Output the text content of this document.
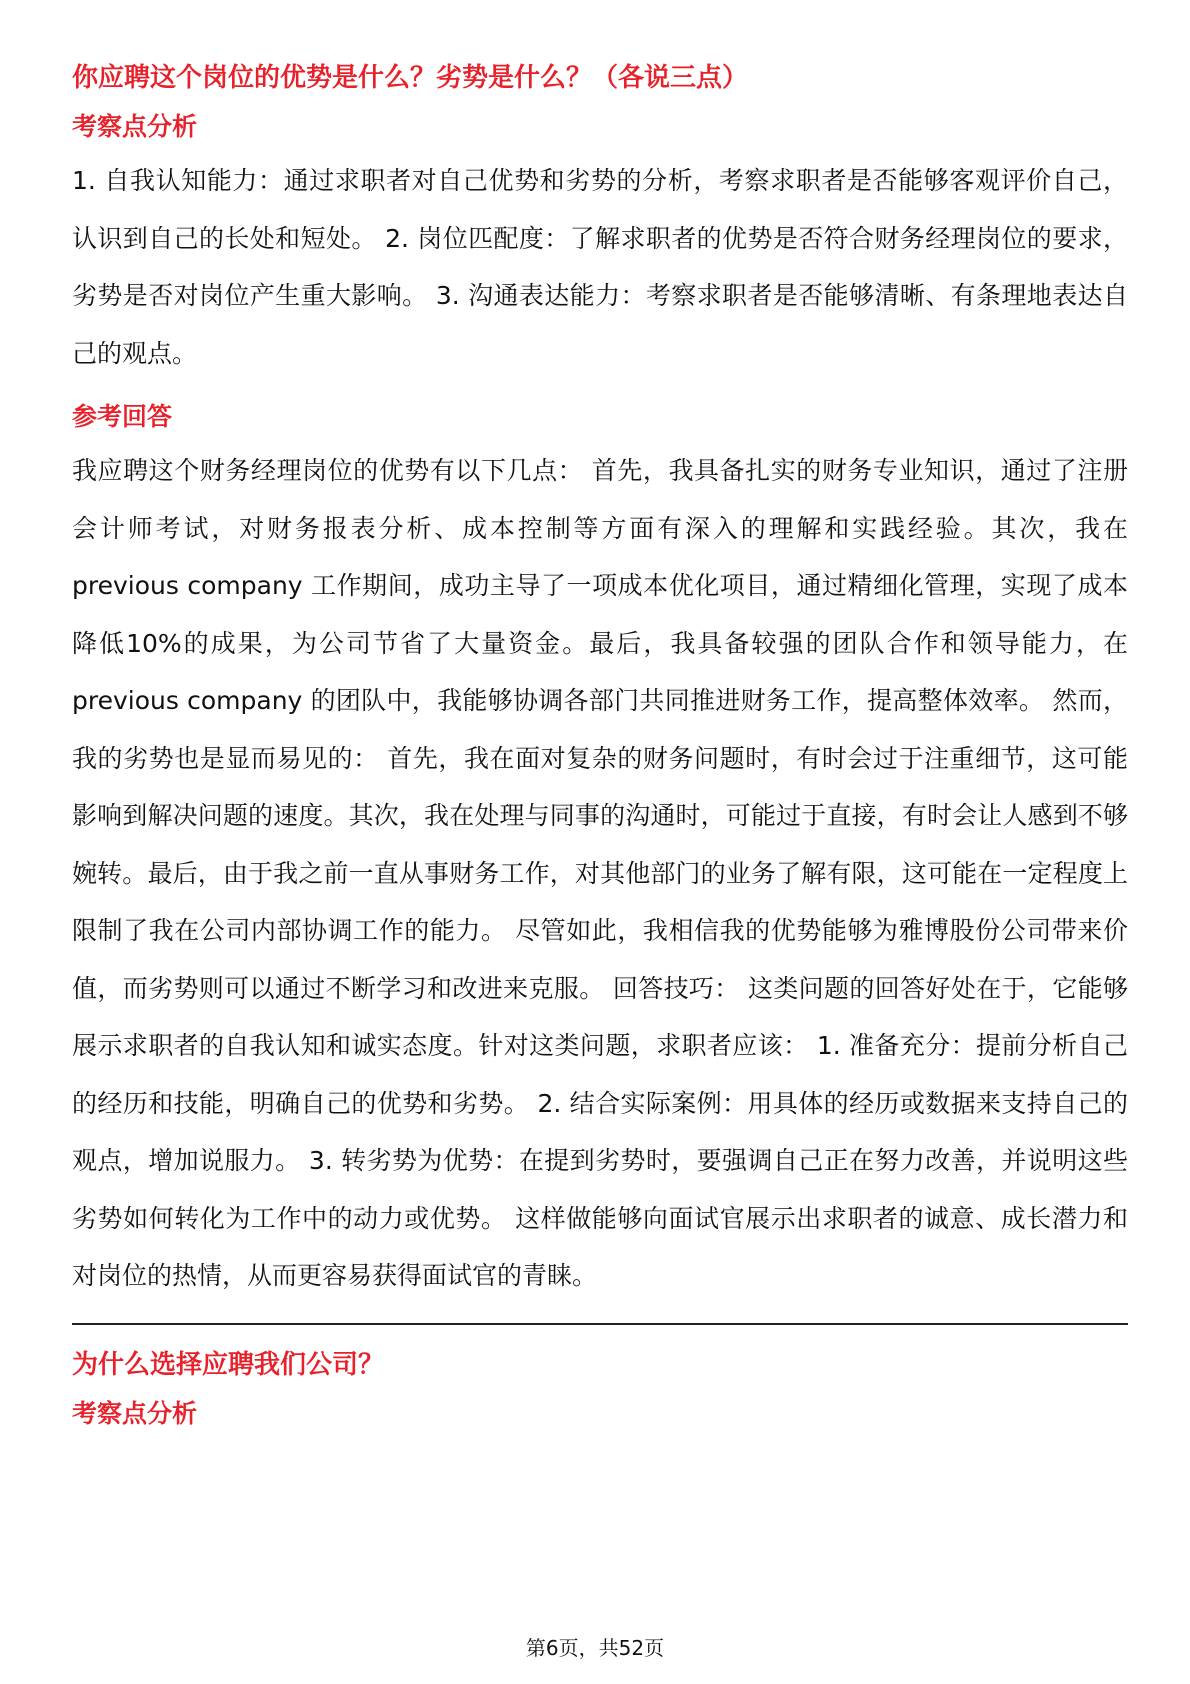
你应聘这个岗位的优势是什么？劣势是什么？（各说三点）
考察点分析

1. 自我认知能力：通过求职者对自己优势和劣势的分析，考察求职者是否能够客观评价自己，认识到自己的长处和短处。 2. 岗位匹配度：了解求职者的优势是否符合财务经理岗位的要求，劣势是否对岗位产生重大影响。 3. 沟通表达能力：考察求职者是否能够清晰、有条理地表达自己的观点。

参考回答

我应聘这个财务经理岗位的优势有以下几点： 首先，我具备扎实的财务专业知识，通过了注册会计师考试，对财务报表分析、成本控制等方面有深入的理解和实践经验。其次，我在 previous company 工作期间，成功主导了一项成本优化项目，通过精细化管理，实现了成本降低10%的成果，为公司节省了大量资金。最后，我具备较强的团队合作和领导能力，在 previous company 的团队中，我能够协调各部门共同推进财务工作，提高整体效率。 然而，我的劣势也是显而易见的： 首先，我在面对复杂的财务问题时，有时会过于注重细节，这可能影响到解决问题的速度。其次，我在处理与同事的沟通时，可能过于直接，有时会让人感到不够婉转。最后，由于我之前一直从事财务工作，对其他部门的业务了解有限，这可能在一定程度上限制了我在公司内部协调工作的能力。 尽管如此，我相信我的优势能够为雅博股份公司带来价值，而劣势则可以通过不断学习和改进来克服。 回答技巧： 这类问题的回答好处在于，它能够展示求职者的自我认知和诚实态度。针对这类问题，求职者应该： 1. 准备充分：提前分析自己的经历和技能，明确自己的优势和劣势。 2. 结合实际案例：用具体的经历或数据来支持自己的观点，增加说服力。 3. 转劣势为优势：在提到劣势时，要强调自己正在努力改善，并说明这些劣势如何转化为工作中的动力或优势。 这样做能够向面试官展示出求职者的诚意、成长潜力和对岗位的热情，从而更容易获得面试官的青睐。

为什么选择应聘我们公司？
考察点分析
第6页，共52页
